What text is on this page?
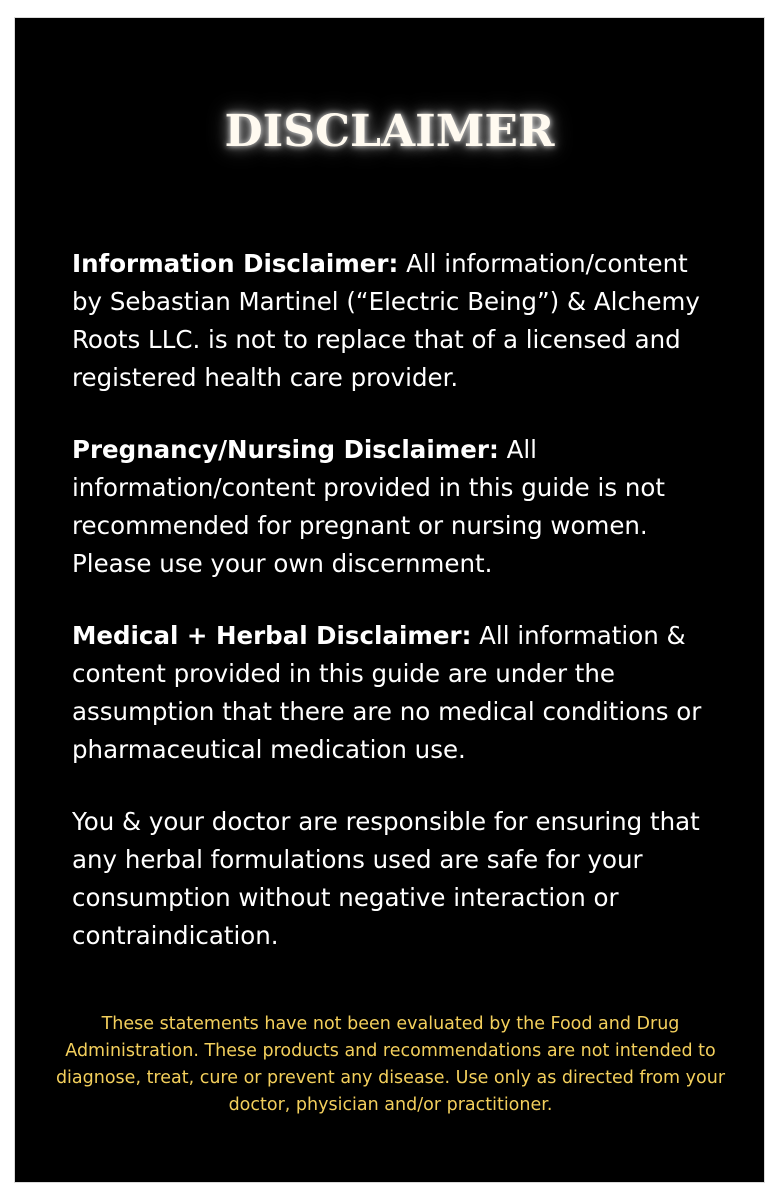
DISCLAIMER

Information Disclaimer: All information/content by Sebastian Martinel (“Electric Being”) & Alchemy Roots LLC. is not to replace that of a licensed and registered health care provider.

Pregnancy/Nursing Disclaimer: All information/content provided in this guide is not recommended for pregnant or nursing women. Please use your own discernment.

Medical + Herbal Disclaimer: All information & content provided in this guide are under the assumption that there are no medical conditions or pharmaceutical medication use.

You & your doctor are responsible for ensuring that any herbal formulations used are safe for your consumption without negative interaction or contraindication.

These statements have not been evaluated by the Food and Drug Administration. These products and recommendations are not intended to diagnose, treat, cure or prevent any disease. Use only as directed from your doctor, physician and/or practitioner.
